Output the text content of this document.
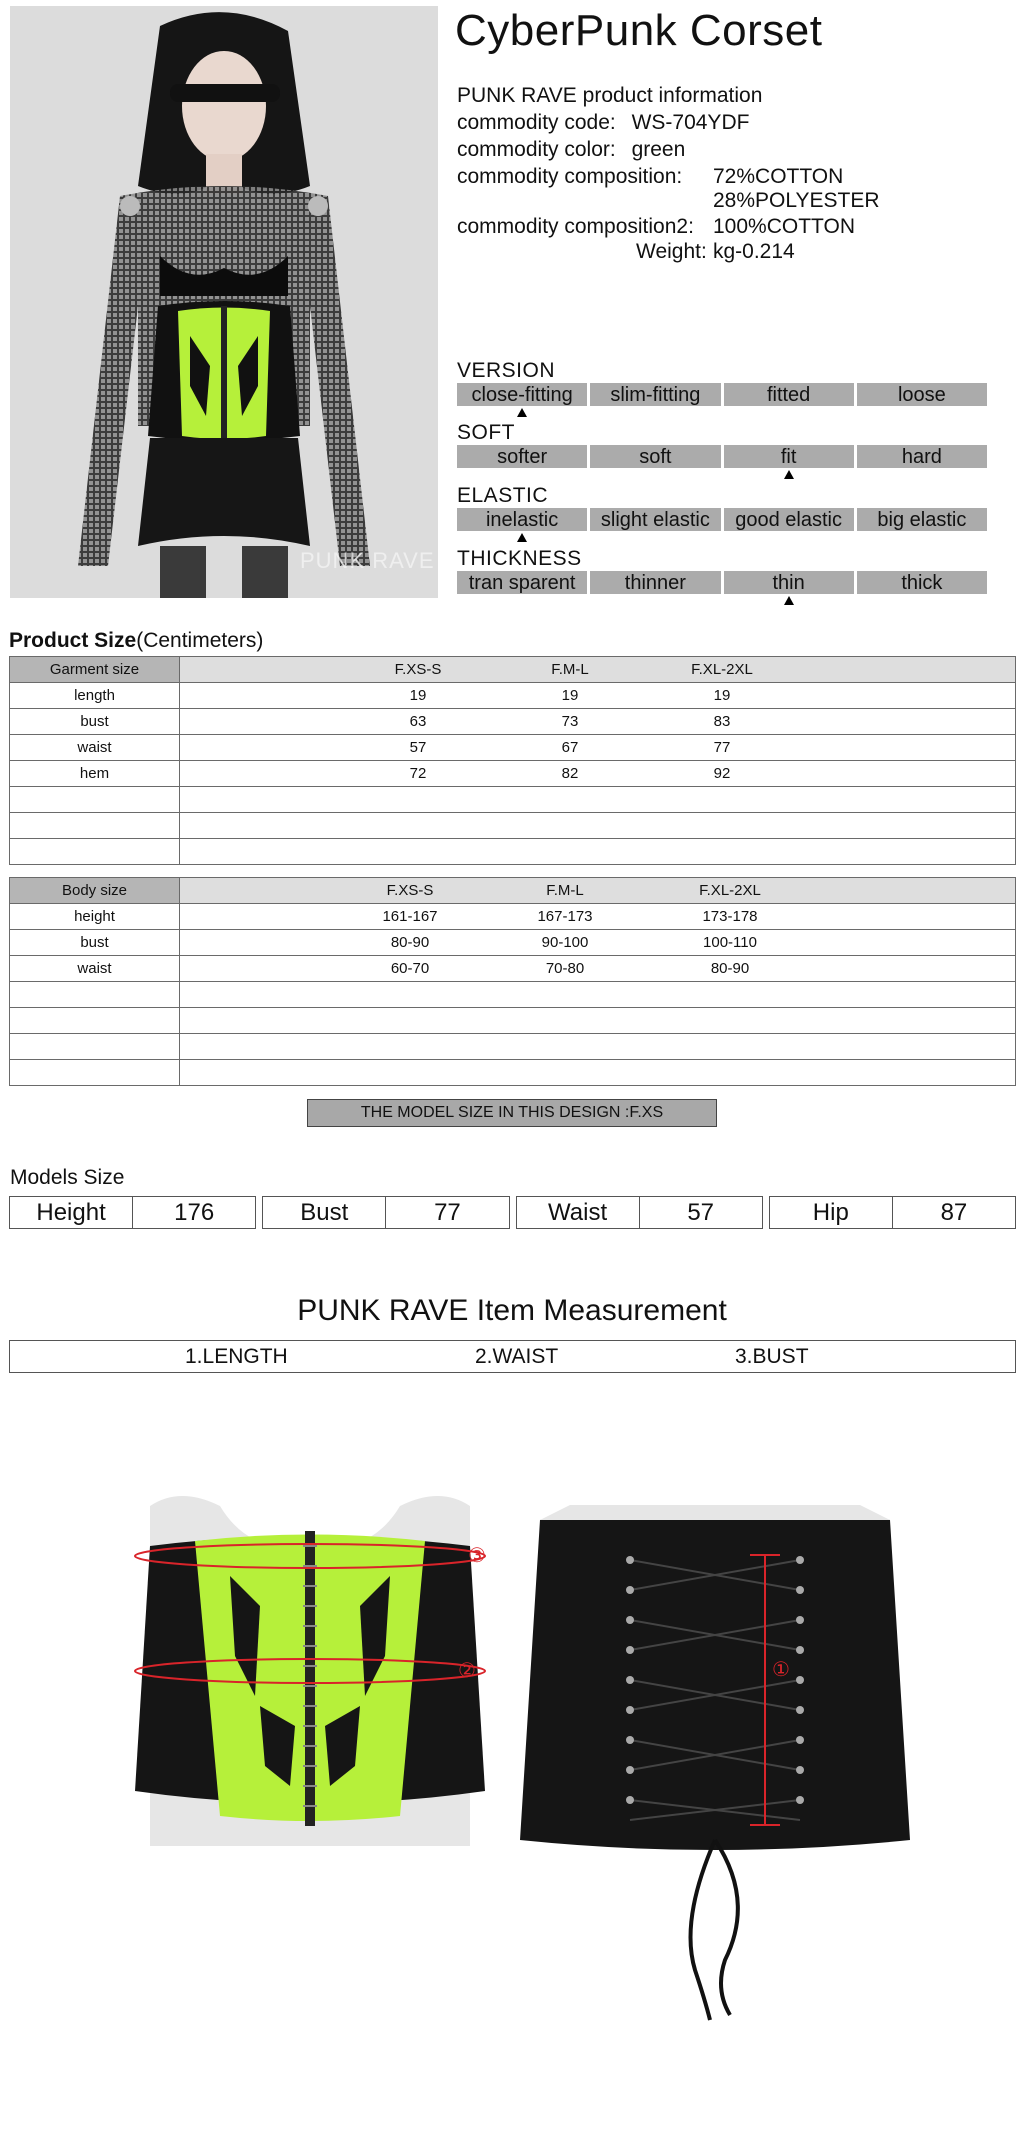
PUNK RAVE
CyberPunk Corset
PUNK RAVE product information
commodity code: WS-704YDF
commodity color: green
commodity composition: 72%COTTON
28%POLYESTER
commodity composition2: 100%COTTON
Weight: kg-0.214
VERSION
close-fitting	slim-fitting	fitted	loose
SOFT
softer	soft	fit	hard
ELASTIC
inelastic	slight elastic	good elastic	big elastic
THICKNESS
tran sparent	thinner	thin	thick
Product Size(Centimeters)
Garment size	F.XS-S F.M-L F.XL-2XL

length	19 19 19

bust	63 73 83

waist	57 67 77

hem	72 82 92

Body size	F.XS-S F.M-L F.XL-2XL

height	161-167 167-173 173-178

bust	80-90 90-100 100-110

waist	60-70 70-80 80-90

THE MODEL SIZE IN THIS DESIGN :F.XS
Models Size
Height	176	Bust	77	Waist	57	Hip	87
PUNK RAVE Item Measurement
1.LENGTH	2.WAIST	3.BUST
③
②	①
